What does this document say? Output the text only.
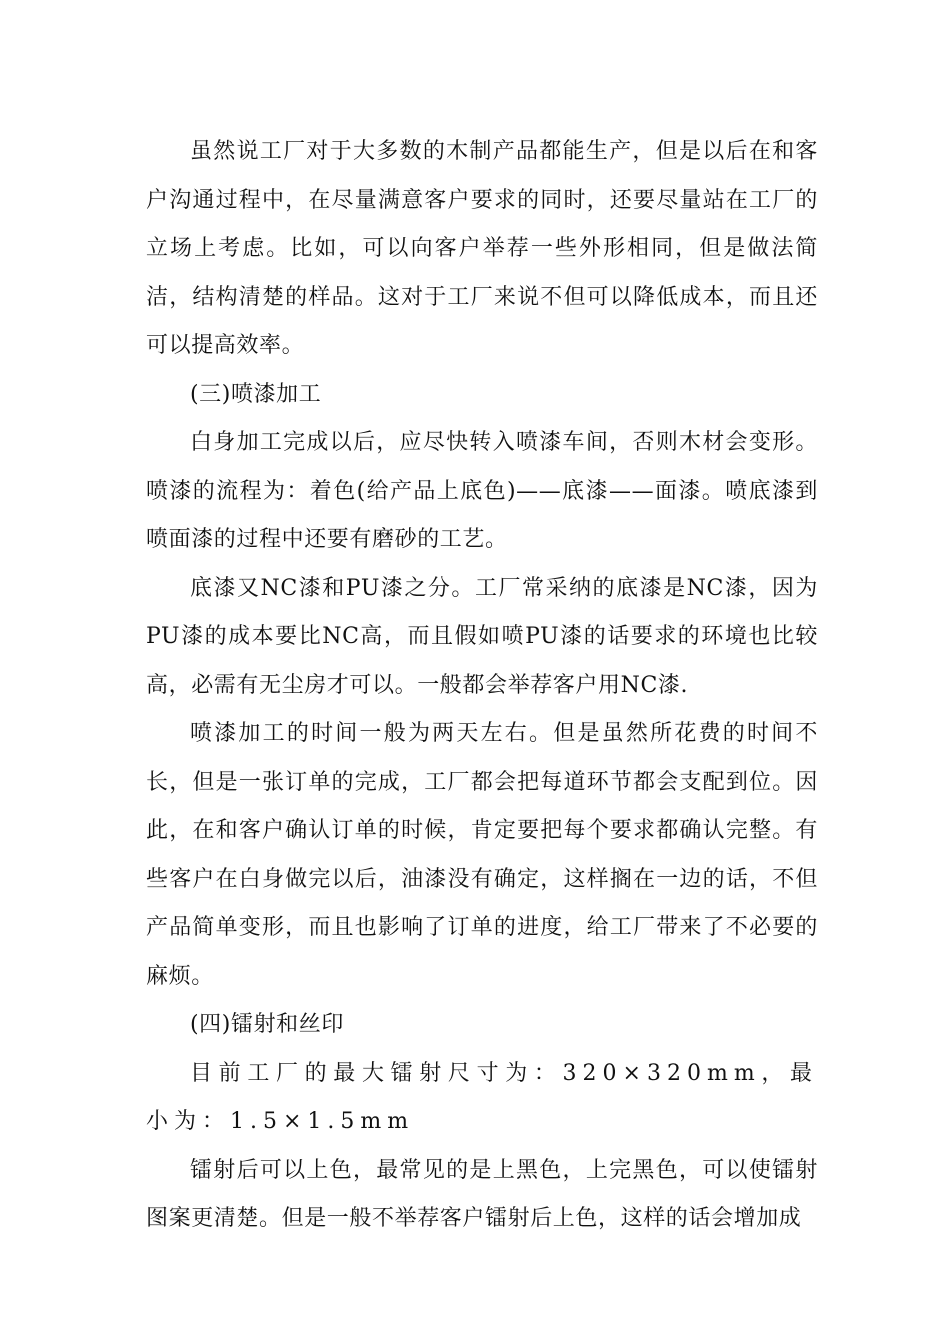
虽然说工厂对于大多数的木制产品都能生产，但是以后在和客户沟通过程中，在尽量满意客户要求的同时，还要尽量站在工厂的立场上考虑。比如，可以向客户举荐一些外形相同，但是做法简洁，结构清楚的样品。这对于工厂来说不但可以降低成本，而且还可以提高效率。

(三)喷漆加工

白身加工完成以后，应尽快转入喷漆车间，否则木材会变形。喷漆的流程为：着色(给产品上底色)——底漆——面漆。喷底漆到喷面漆的过程中还要有磨砂的工艺。

底漆又NC漆和PU漆之分。工厂常采纳的底漆是NC漆，因为PU漆的成本要比NC高，而且假如喷PU漆的话要求的环境也比较高，必需有无尘房才可以。一般都会举荐客户用NC漆.

喷漆加工的时间一般为两天左右。但是虽然所花费的时间不长，但是一张订单的完成，工厂都会把每道环节都会支配到位。因此，在和客户确认订单的时候，肯定要把每个要求都确认完整。有些客户在白身做完以后，油漆没有确定，这样搁在一边的话，不但产品简单变形，而且也影响了订单的进度，给工厂带来了不必要的麻烦。

(四)镭射和丝印

目前工厂的最大镭射尺寸为：320×320mm，最小为：1.5×1.5mm

镭射后可以上色，最常见的是上黑色，上完黑色，可以使镭射图案更清楚。但是一般不举荐客户镭射后上色，这样的话会增加成
